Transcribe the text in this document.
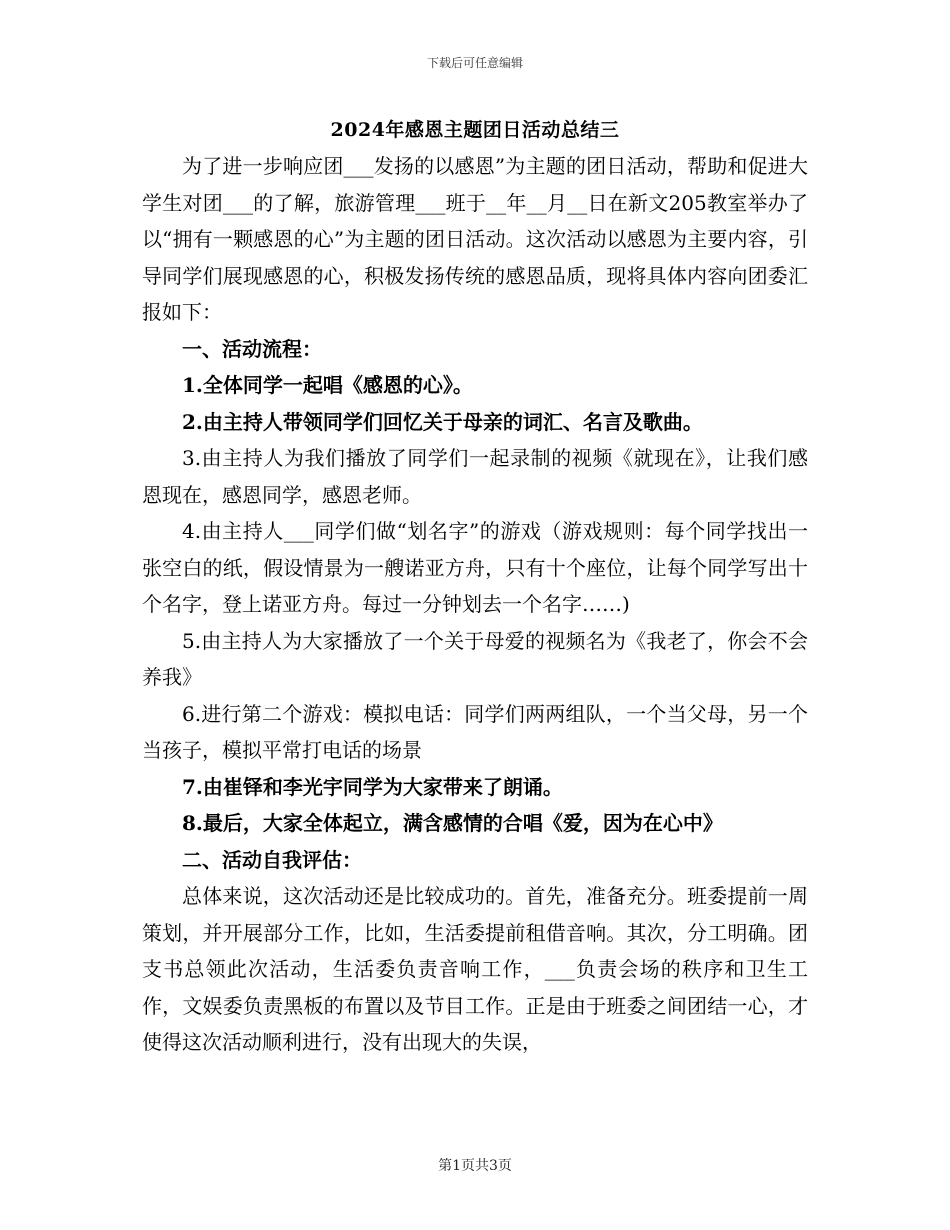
下载后可任意编辑
2024年感恩主题团日活动总结三

为了进一步响应团___发扬的以感恩”为主题的团日活动，帮助和促进大学生对团___的了解，旅游管理___班于__年__月__日在新文205教室举办了以“拥有一颗感恩的心”为主题的团日活动。这次活动以感恩为主要内容，引导同学们展现感恩的心，积极发扬传统的感恩品质，现将具体内容向团委汇报如下：

一、活动流程：

1.全体同学一起唱《感恩的心》。

2.由主持人带领同学们回忆关于母亲的词汇、名言及歌曲。

3.由主持人为我们播放了同学们一起录制的视频《就现在》，让我们感恩现在，感恩同学，感恩老师。

4.由主持人___同学们做“划名字”的游戏（游戏规则：每个同学找出一张空白的纸，假设情景为一艘诺亚方舟，只有十个座位，让每个同学写出十个名字，登上诺亚方舟。每过一分钟划去一个名字……)

5.由主持人为大家播放了一个关于母爱的视频名为《我老了，你会不会养我》

6.进行第二个游戏：模拟电话：同学们两两组队，一个当父母，另一个当孩子，模拟平常打电话的场景

7.由崔铎和李光宇同学为大家带来了朗诵。

8.最后，大家全体起立，满含感情的合唱《爱，因为在心中》

二、活动自我评估：

总体来说，这次活动还是比较成功的。首先，准备充分。班委提前一周策划，并开展部分工作，比如，生活委提前租借音响。其次，分工明确。团支书总领此次活动，生活委负责音响工作，___负责会场的秩序和卫生工作，文娱委负责黑板的布置以及节目工作。正是由于班委之间团结一心，才使得这次活动顺利进行，没有出现大的失误，

第1页共3页
